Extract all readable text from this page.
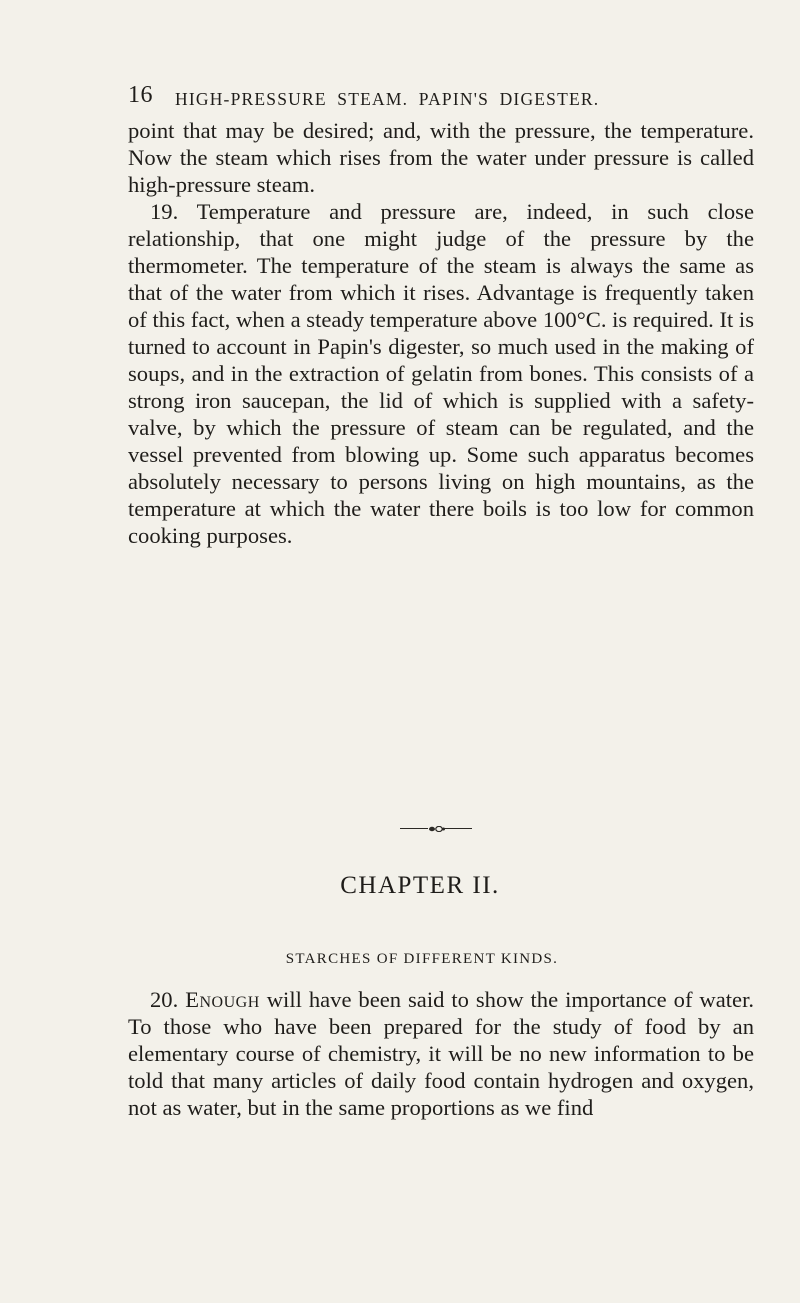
16 HIGH-PRESSURE STEAM. PAPIN'S DIGESTER.

point that may be desired; and, with the pressure, the temperature. Now the steam which rises from the water under pressure is called high-pressure steam.

19. Temperature and pressure are, indeed, in such close relationship, that one might judge of the pressure by the thermometer. The temperature of the steam is always the same as that of the water from which it rises. Advantage is frequently taken of this fact, when a steady temperature above 100°C. is required. It is turned to account in Papin's digester, so much used in the making of soups, and in the extraction of gelatin from bones. This consists of a strong iron saucepan, the lid of which is supplied with a safety-valve, by which the pressure of steam can be regulated, and the vessel prevented from blowing up. Some such apparatus becomes absolutely necessary to persons living on high mountains, as the temperature at which the water there boils is too low for common cooking purposes.

CHAPTER II.
STARCHES OF DIFFERENT KINDS.

20. Enough will have been said to show the importance of water. To those who have been prepared for the study of food by an elementary course of chemistry, it will be no new information to be told that many articles of daily food contain hydrogen and oxygen, not as water, but in the same proportions as we find
